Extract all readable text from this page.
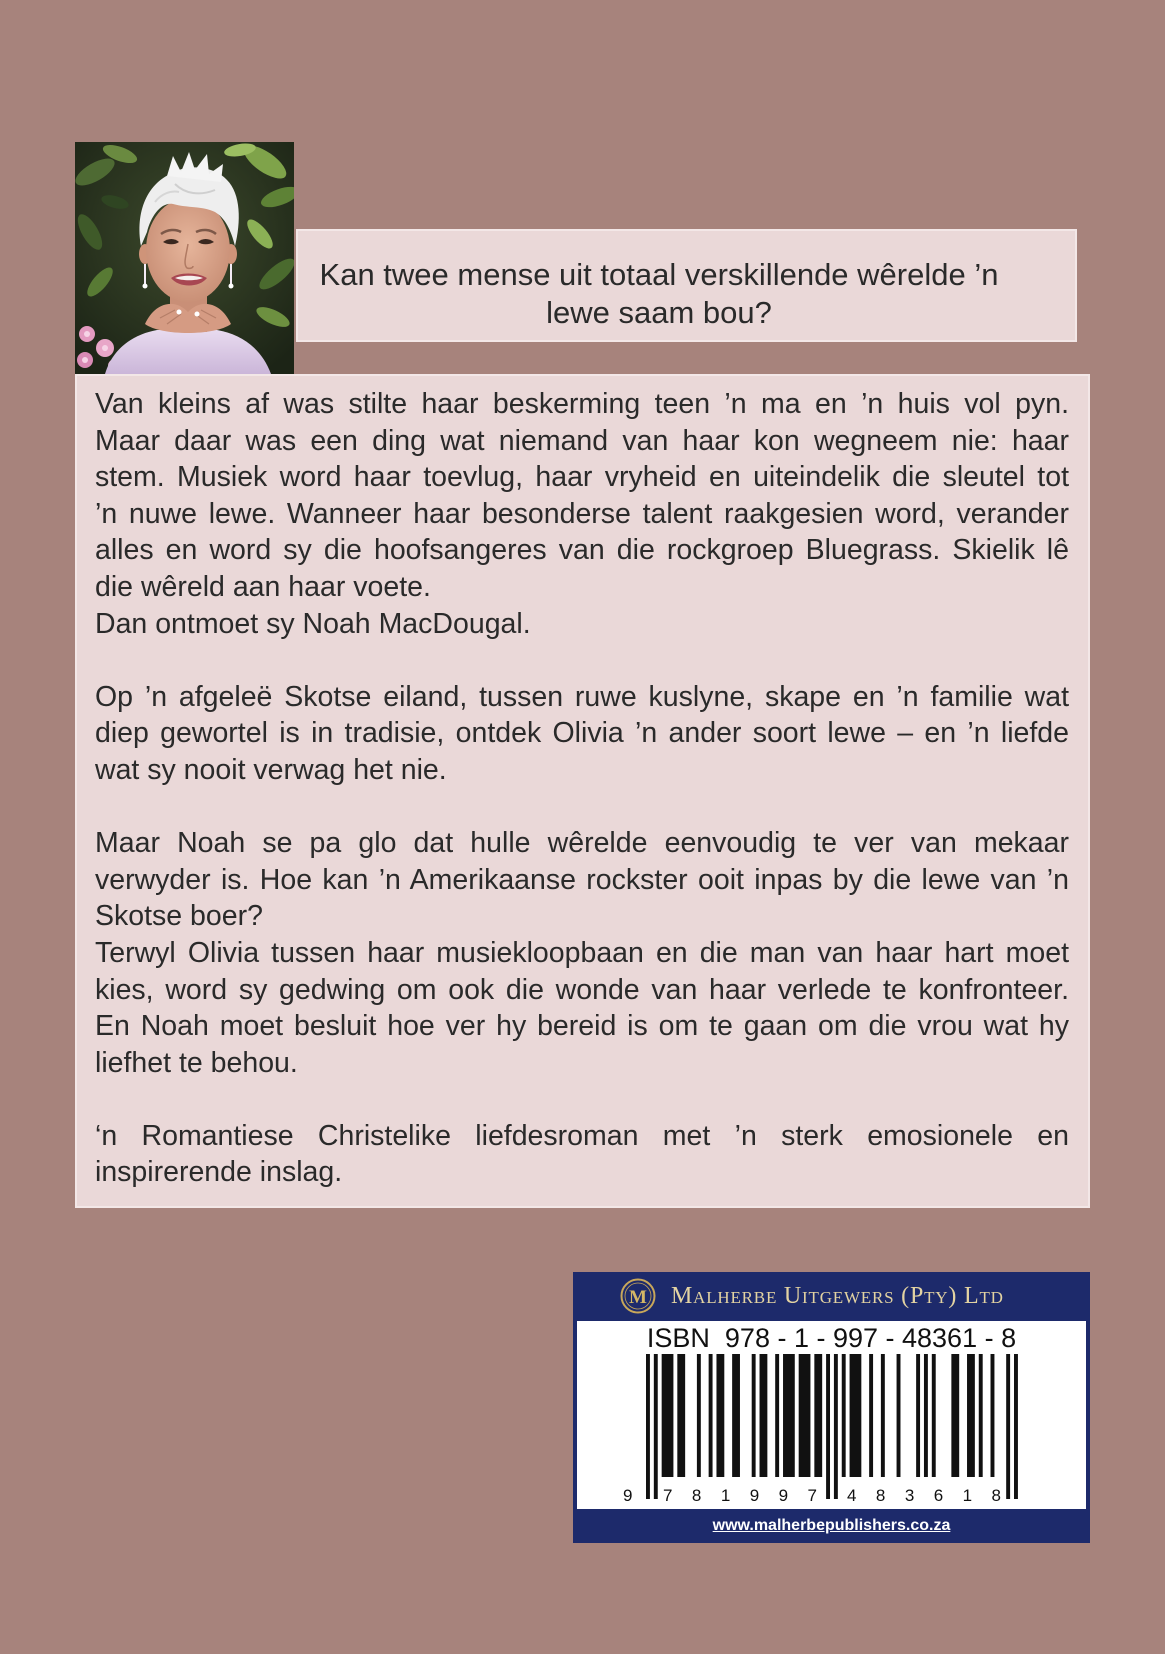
Kan twee mense uit totaal verskillende wêrelde ’n
lewe saam bou?
Van kleins af was stilte haar beskerming teen ’n ma en ’n huis vol pyn.
Maar daar was een ding wat niemand van haar kon wegneem nie: haar
stem. Musiek word haar toevlug, haar vryheid en uiteindelik die sleutel tot
’n nuwe lewe. Wanneer haar besonderse talent raakgesien word, verander
alles en word sy die hoofsangeres van die rockgroep Bluegrass. Skielik lê
die wêreld aan haar voete.
Dan ontmoet sy Noah MacDougal.
Op ’n afgeleë Skotse eiland, tussen ruwe kuslyne, skape en ’n familie wat
diep gewortel is in tradisie, ontdek Olivia ’n ander soort lewe – en ’n liefde
wat sy nooit verwag het nie.
Maar Noah se pa glo dat hulle wêrelde eenvoudig te ver van mekaar
verwyder is. Hoe kan ’n Amerikaanse rockster ooit inpas by die lewe van ’n
Skotse boer?
Terwyl Olivia tussen haar musiekloopbaan en die man van haar hart moet
kies, word sy gedwing om ook die wonde van haar verlede te konfronteer.
En Noah moet besluit hoe ver hy bereid is om te gaan om die vrou wat hy
liefhet te behou.
‘n Romantiese Christelike liefdesroman met ’n sterk emosionele en
inspirerende inslag.
M Malherbe Uitgewers (Pty) Ltd
9 781997 483618
ISBN  978 - 1 - 997 - 48361 - 8
www.malherbepublishers.co.za
